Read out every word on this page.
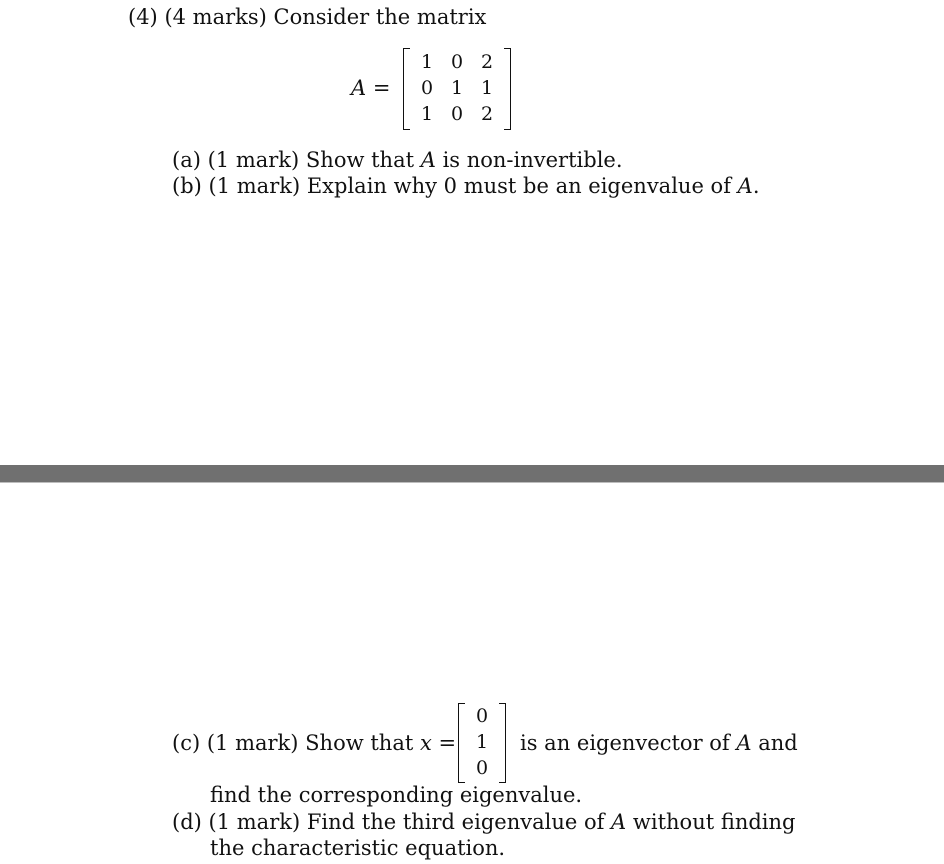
(4) (4 marks) Consider the matrix
A =
1 0 2
0 1 1
1 0 2
(a) (1 mark) Show that A is non-invertible.
(b) (1 mark) Explain why 0 must be an eigenvalue of A.
(c) (1 mark) Show that x =
0
1
0
is an eigenvector of A and
find the corresponding eigenvalue.
(d) (1 mark) Find the third eigenvalue of A without finding
the characteristic equation.
